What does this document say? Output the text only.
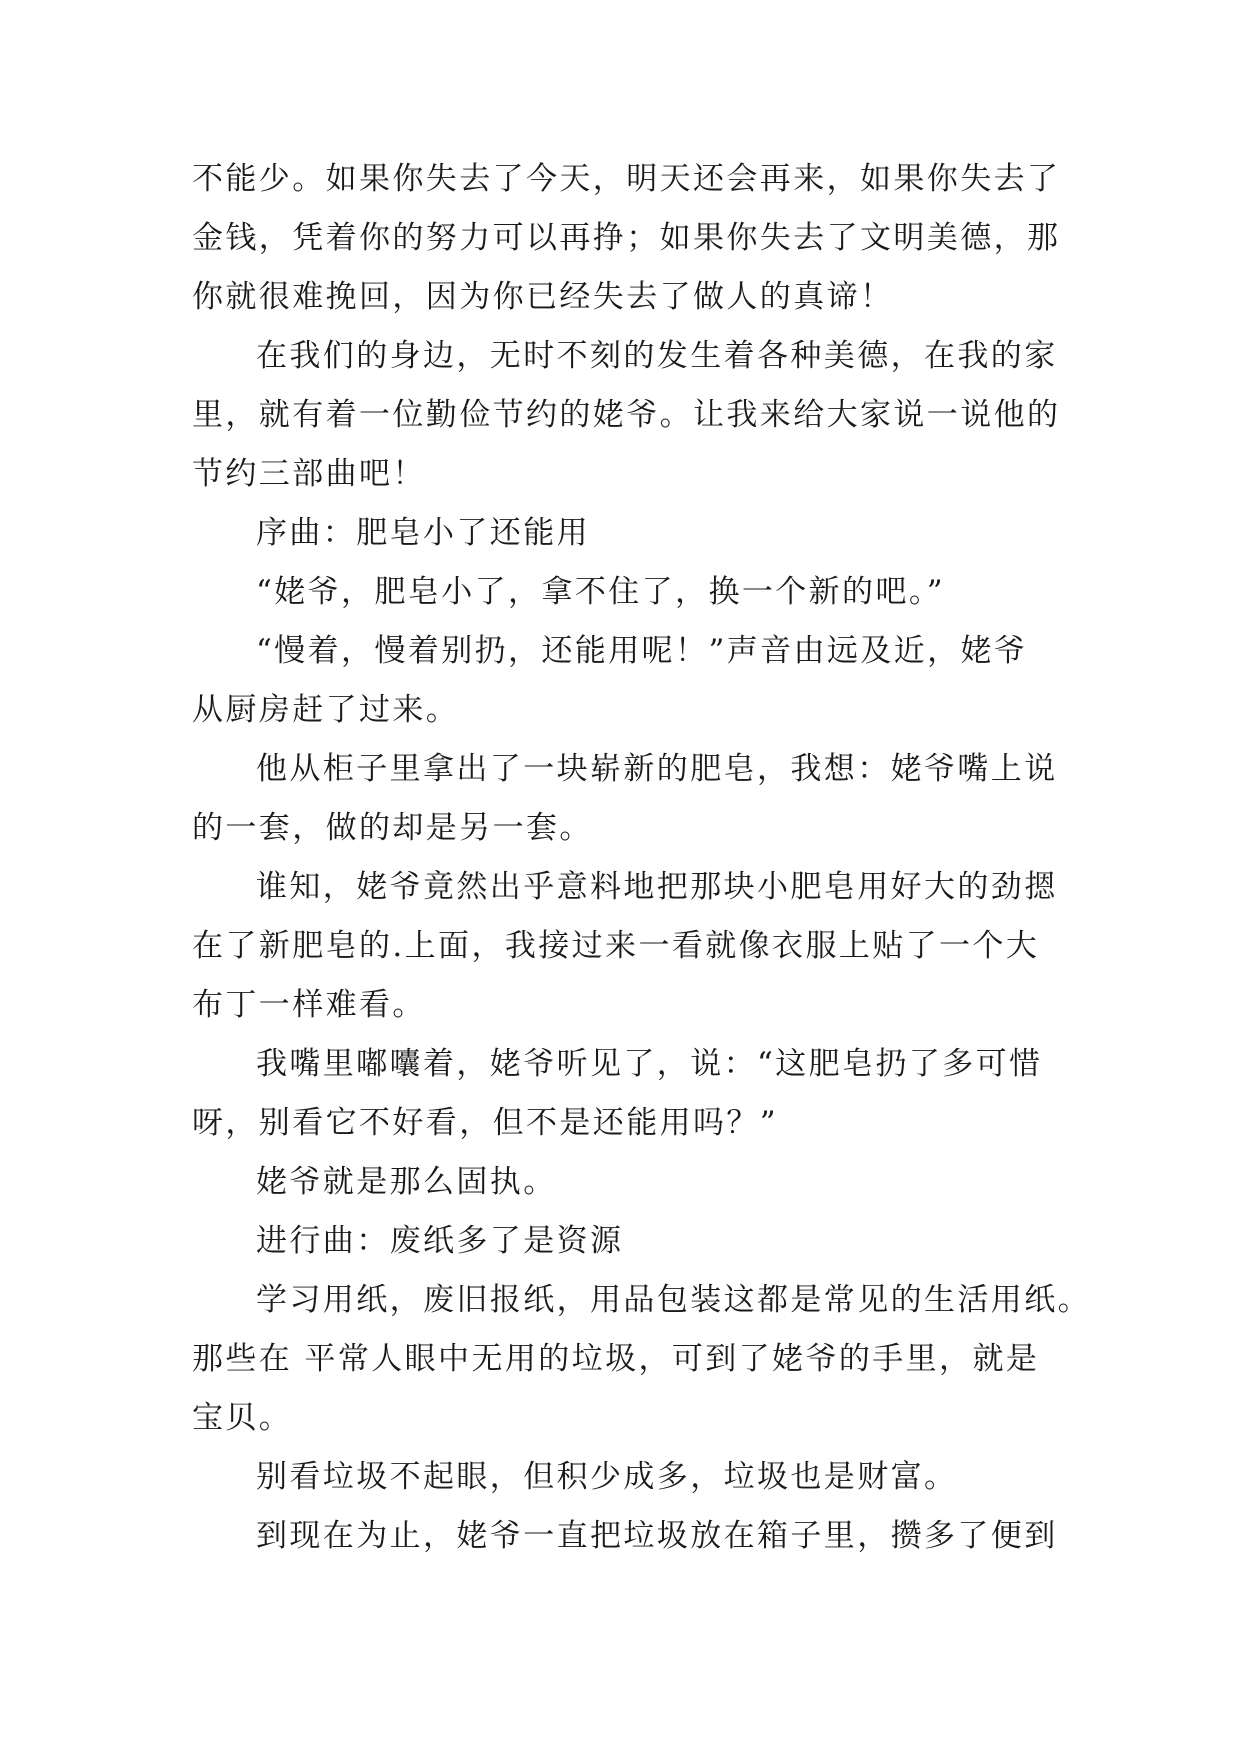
不能少。如果你失去了今天，明天还会再来，如果你失去了
金钱，凭着你的努力可以再挣；如果你失去了文明美德，那
你就很难挽回，因为你已经失去了做人的真谛！
在我们的身边，无时不刻的发生着各种美德，在我的家
里，就有着一位勤俭节约的姥爷。让我来给大家说一说他的
节约三部曲吧！
序曲：肥皂小了还能用
“姥爷，肥皂小了，拿不住了，换一个新的吧。”
“慢着，慢着别扔，还能用呢！”声音由远及近，姥爷
从厨房赶了过来。
他从柜子里拿出了一块崭新的肥皂，我想：姥爷嘴上说
的一套，做的却是另一套。
谁知，姥爷竟然出乎意料地把那块小肥皂用好大的劲摁
在了新肥皂的.上面，我接过来一看就像衣服上贴了一个大
布丁一样难看。
我嘴里嘟囔着，姥爷听见了，说：“这肥皂扔了多可惜
呀，别看它不好看，但不是还能用吗？”
姥爷就是那么固执。
进行曲：废纸多了是资源
学习用纸，废旧报纸，用品包装这都是常见的生活用纸。
那些在 平常人眼中无用的垃圾，可到了姥爷的手里，就是
宝贝。
别看垃圾不起眼，但积少成多，垃圾也是财富。
到现在为止，姥爷一直把垃圾放在箱子里，攒多了便到
